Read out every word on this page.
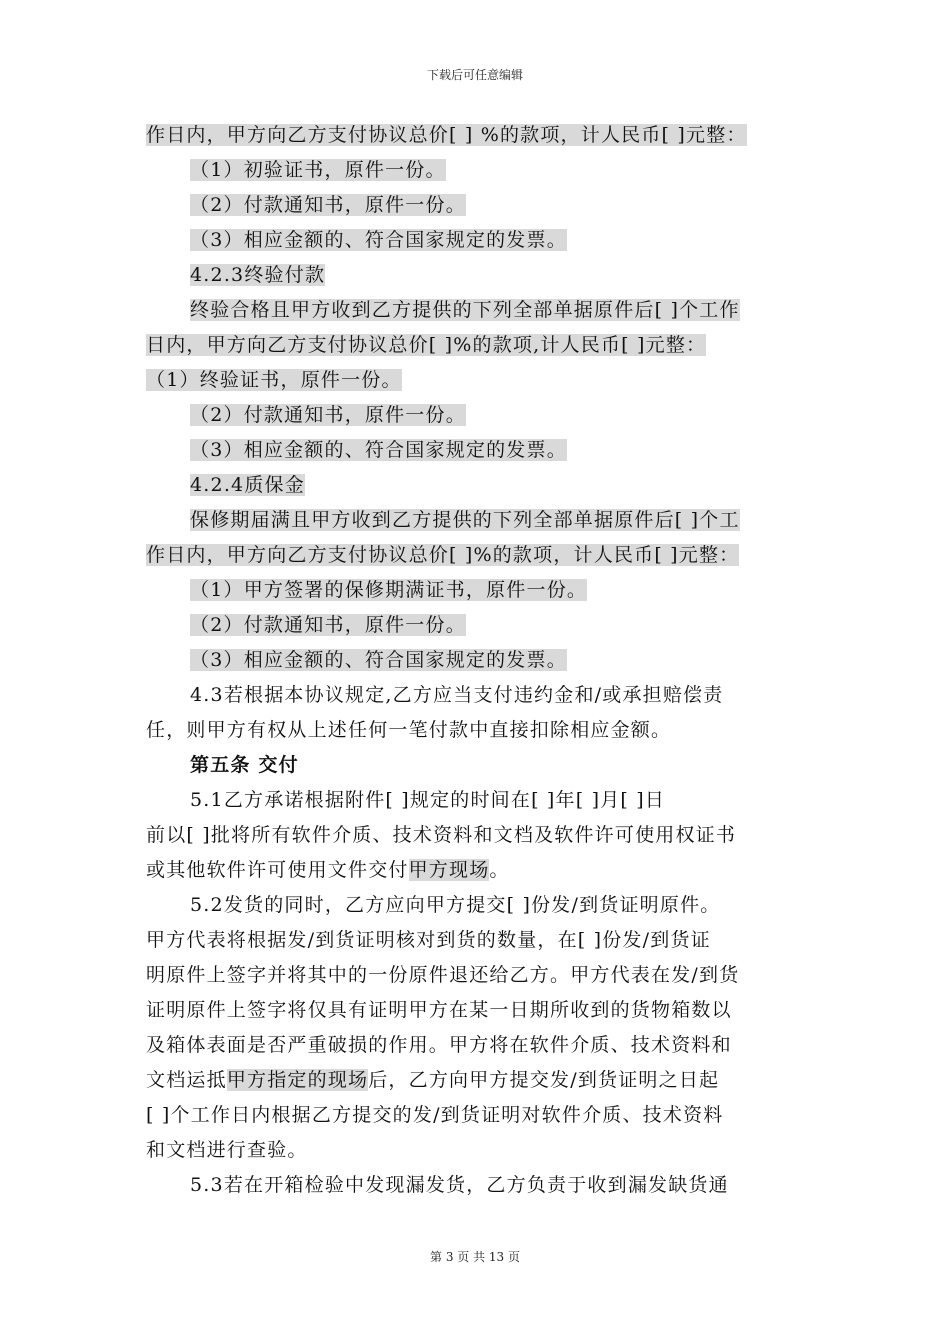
下载后可任意编辑
作日内，甲方向乙方支付协议总价[ ] %的款项，计人民币[ ]元整：
（1）初验证书，原件一份。
（2）付款通知书，原件一份。
（3）相应金额的、符合国家规定的发票。
4.2.3终验付款
终验合格且甲方收到乙方提供的下列全部单据原件后[ ]个工作
日内，甲方向乙方支付协议总价[ ]%的款项,计人民币[ ]元整：
（1）终验证书，原件一份。
（2）付款通知书，原件一份。
（3）相应金额的、符合国家规定的发票。
4.2.4质保金
保修期届满且甲方收到乙方提供的下列全部单据原件后[ ]个工
作日内，甲方向乙方支付协议总价[ ]%的款项，计人民币[ ]元整：
（1）甲方签署的保修期满证书，原件一份。
（2）付款通知书，原件一份。
（3）相应金额的、符合国家规定的发票。
4.3若根据本协议规定,乙方应当支付违约金和/或承担赔偿责
任，则甲方有权从上述任何一笔付款中直接扣除相应金额。
第五条 交付
5.1乙方承诺根据附件[ ]规定的时间在[ ]年[ ]月[ ]日
前以[ ]批将所有软件介质、技术资料和文档及软件许可使用权证书
或其他软件许可使用文件交付甲方现场。
5.2发货的同时，乙方应向甲方提交[ ]份发/到货证明原件。
甲方代表将根据发/到货证明核对到货的数量，在[ ]份发/到货证
明原件上签字并将其中的一份原件退还给乙方。甲方代表在发/到货
证明原件上签字将仅具有证明甲方在某一日期所收到的货物箱数以
及箱体表面是否严重破损的作用。甲方将在软件介质、技术资料和
文档运抵甲方指定的现场后，乙方向甲方提交发/到货证明之日起
[ ]个工作日内根据乙方提交的发/到货证明对软件介质、技术资料
和文档进行查验。
5.3若在开箱检验中发现漏发货，乙方负责于收到漏发缺货通
第 3 页 共 13 页
